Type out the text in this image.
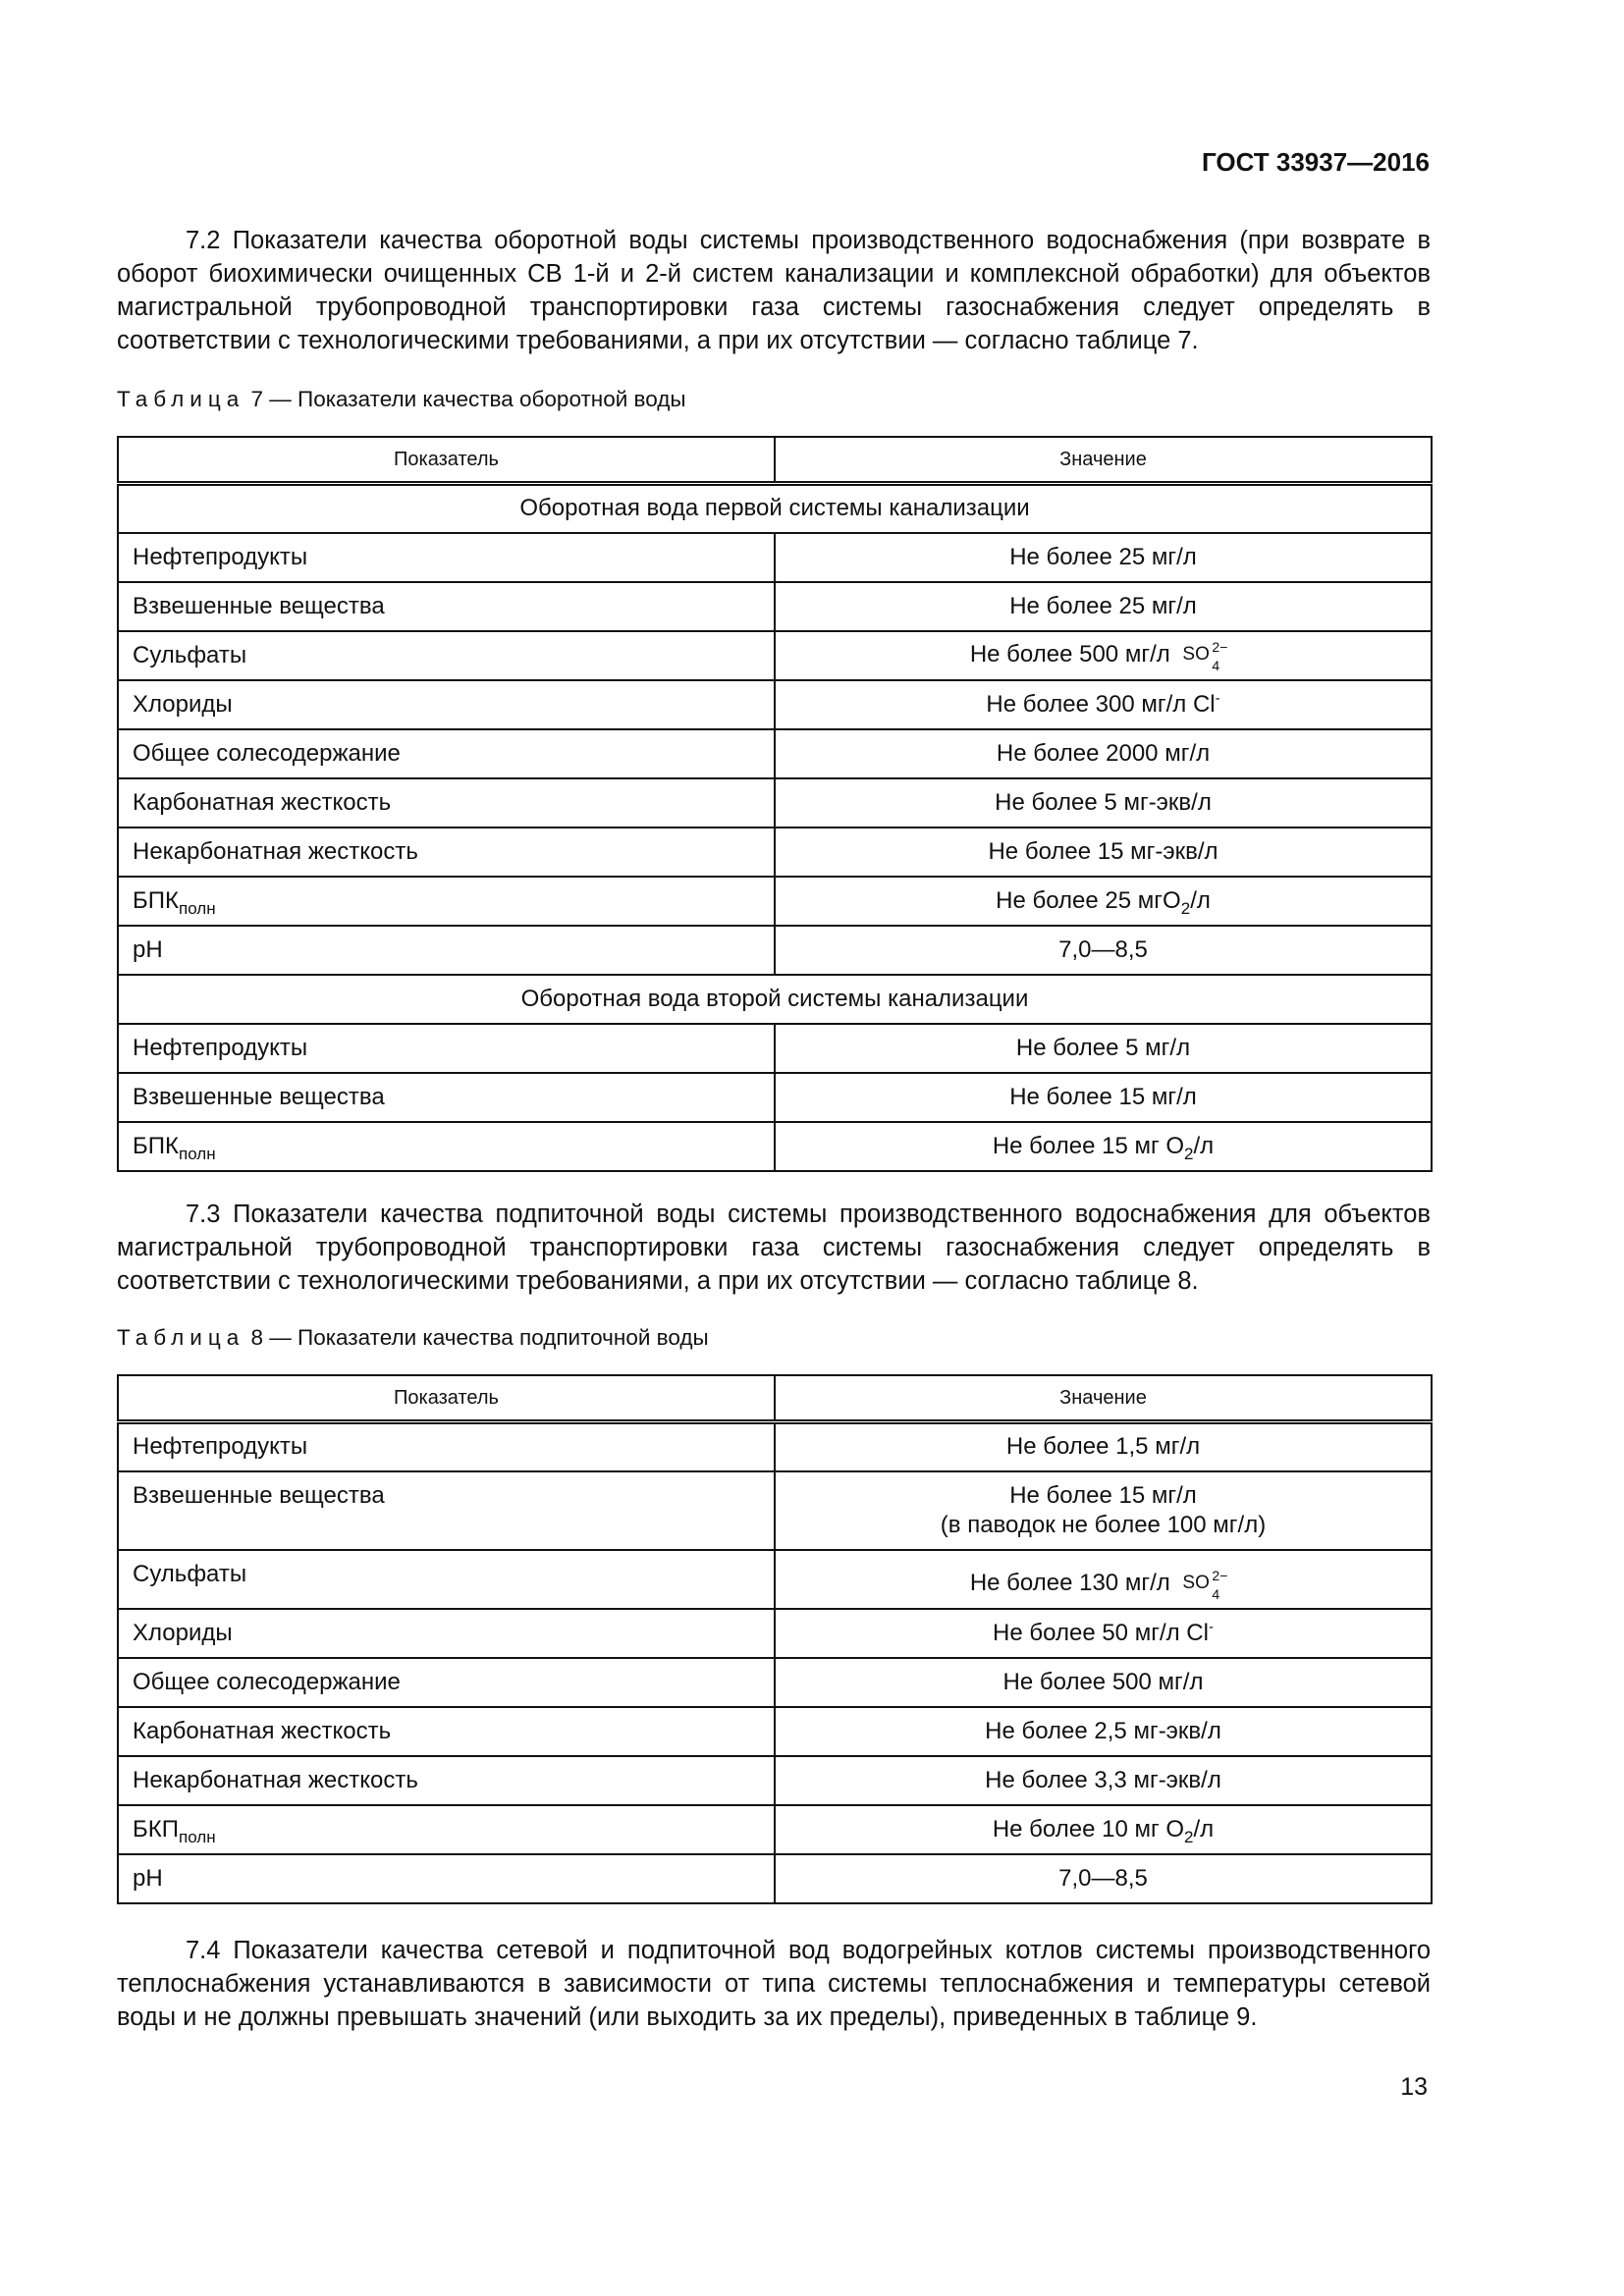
ГОСТ 33937—2016
7.2 Показатели качества оборотной воды системы производственного водоснабжения (при возврате в оборот биохимически очищенных СВ 1-й и 2-й систем канализации и комплексной обработки) для объектов магистральной трубопроводной транспортировки газа системы газоснабжения следует определять в соответствии с технологическими требованиями, а при их отсутствии — согласно таблице 7.
Таблица 7 — Показатели качества оборотной воды
Показатель	Значение
Оборотная вода первой системы канализации	
Нефтепродукты	Не более 25 мг/л
Взвешенные вещества	Не более 25 мг/л
Сульфаты	Не более 500 мг/л SO 2−
4

Хлориды	Не более 300 мг/л Cl-
Общее солесодержание	Не более 2000 мг/л
Карбонатная жесткость	Не более 5 мг-экв/л
Некарбонатная жесткость	Не более 15 мг-экв/л
$БПК_{полн}$	Не более 25 мгO$_2$/л
pH	7,0—8,5
Оборотная вода второй системы канализации	
Нефтепродукты	Не более 5 мг/л
Взвешенные вещества	Не более 15 мг/л
$БПК_{полн}$	Не более 15 мг $O_2/л$
7.3 Показатели качества подпиточной воды системы производственного водоснабжения для объектов магистральной трубопроводной транспортировки газа системы газоснабжения следует определять в соответствии с технологическими требованиями, а при их отсутствии — согласно таблице 8.
Таблица 8 — Показатели качества подпиточной воды
Показатель	Значение
Нефтепродукты	Не более 1,5 мг/л
Взвешенные вещества	Не более 15 мг/л
(в паводок не более 100 мг/л)

Сульфаты	Не более 130 мг/л SO 2−
4

Хлориды	Не более 50 мг/л Cl-
Общее солесодержание	Не более 500 мг/л
Карбонатная жесткость	Не более 2,5 мг-экв/л
Некарбонатная жесткость	Не более 3,3 мг-экв/л
$БКП_{полн}$	Не более 10 мг $O_2/л$
pH	7,0—8,5
7.4 Показатели качества сетевой и подпиточной вод водогрейных котлов системы производственного теплоснабжения устанавливаются в зависимости от типа системы теплоснабжения и температуры сетевой воды и не должны превышать значений (или выходить за их пределы), приведенных в таблице 9.
13
